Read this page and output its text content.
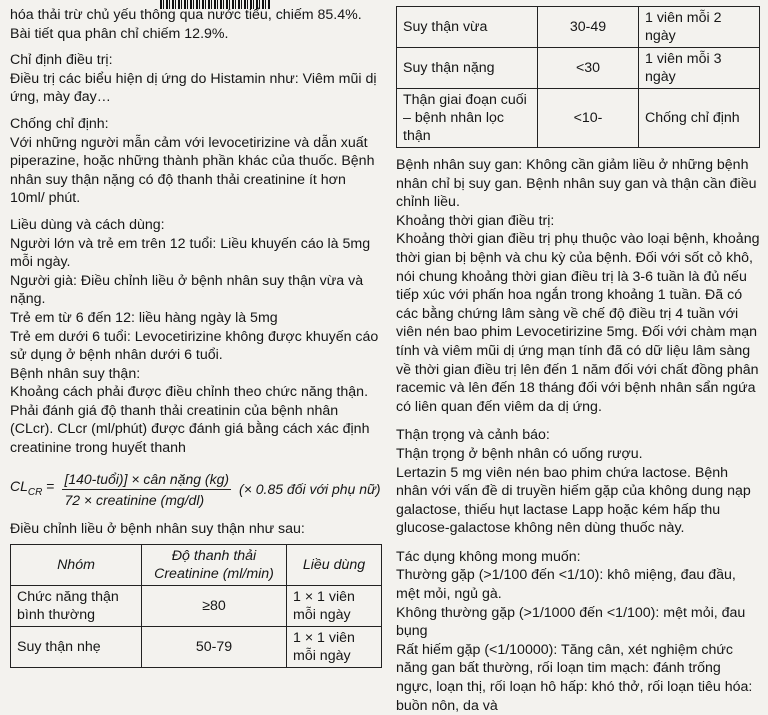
hóa thải trừ chủ yếu thông qua nước tiểu, chiếm 85.4%. Bài tiết qua phân chỉ chiếm 12.9%.

Chỉ định điều trị:

Điều trị các biểu hiện dị ứng do Histamin như: Viêm mũi dị ứng, mày đay…

Chống chỉ định:

Với những người mẫn cảm với levocetirizine và dẫn xuất piperazine, hoặc những thành phần khác của thuốc. Bệnh nhân suy thận nặng có độ thanh thải creatinine ít hơn 10ml/ phút.

Liều dùng và cách dùng:

Người lớn và trẻ em trên 12 tuổi: Liều khuyến cáo là 5mg mỗi ngày.

Người già: Điều chỉnh liều ở bệnh nhân suy thận vừa và nặng.

Trẻ em từ 6 đến 12: liều hàng ngày là 5mg

Trẻ em dưới 6 tuổi: Levocetirizine không được khuyến cáo sử dụng ở bệnh nhân dưới 6 tuổi.

Bệnh nhân suy thận:

Khoảng cách phải được điều chỉnh theo chức năng thận. Phải đánh giá độ thanh thải creatinin của bệnh nhân (CLcr). CLcr (ml/phút) được đánh giá bằng cách xác định creatinine trong huyết thanh

$CL_{CR} = \frac{\text{[140-tuổi)] × cân nặng (kg)}}{\text{72 × creatinine (mg/dl)}}$ (× 0.85 đối với phụ nữ)

Điều chỉnh liều ở bệnh nhân suy thận như sau:

Nhóm	Độ thanh thải Creatinine (ml/min)	Liều dùng
Chức năng thận bình thường	≥80	1 × 1 viên mỗi ngày
Suy thận nhẹ	50-79	1 × 1 viên mỗi ngày
Suy thận vừa	30-49	1 viên mỗi 2 ngày
Suy thận nặng	<30	1 viên mỗi 3 ngày
Thận giai đoạn cuối – bệnh nhân lọc thận	<10-	Chống chỉ định

Bệnh nhân suy gan: Không cần giảm liều ở những bệnh nhân chỉ bị suy gan. Bệnh nhân suy gan và thận cần điều chỉnh liều.

Khoảng thời gian điều trị:

Khoảng thời gian điều trị phụ thuộc vào loại bệnh, khoảng thời gian bị bệnh và chu kỳ của bệnh. Đối với sốt cỏ khô, nói chung khoảng thời gian điều trị là 3-6 tuần là đủ nếu tiếp xúc với phấn hoa ngắn trong khoảng 1 tuần. Đã có các bằng chứng lâm sàng về chế độ điều trị 4 tuần với viên nén bao phim Levocetirizine 5mg. Đối với chàm mạn tính và viêm mũi dị ứng mạn tính đã có dữ liệu lâm sàng về thời gian điều trị lên đến 1 năm đối với chất đồng phân racemic và lên đến 18 tháng đối với bệnh nhân sẩn ngứa có liên quan đến viêm da dị ứng.

Thận trọng và cảnh báo:

Thận trọng ở bệnh nhân có uống rượu.

Lertazin 5 mg viên nén bao phim chứa lactose. Bệnh nhân với vấn đề di truyền hiếm gặp của không dung nạp galactose, thiếu hụt lactase Lapp hoặc kém hấp thu glucose-galactose không nên dùng thuốc này.

Tác dụng không mong muốn:

Thường gặp (>1/100 đến <1/10): khô miệng, đau đầu, mệt mỏi, ngủ gà.

Không thường gặp (>1/1000 đến <1/100): mệt mỏi, đau bụng

Rất hiếm gặp (<1/10000): Tăng cân, xét nghiệm chức năng gan bất thường, rối loạn tim mạch: đánh trống ngực, loạn thị, rối loạn hô hấp: khó thở, rối loạn tiêu hóa: buồn nôn, da và
